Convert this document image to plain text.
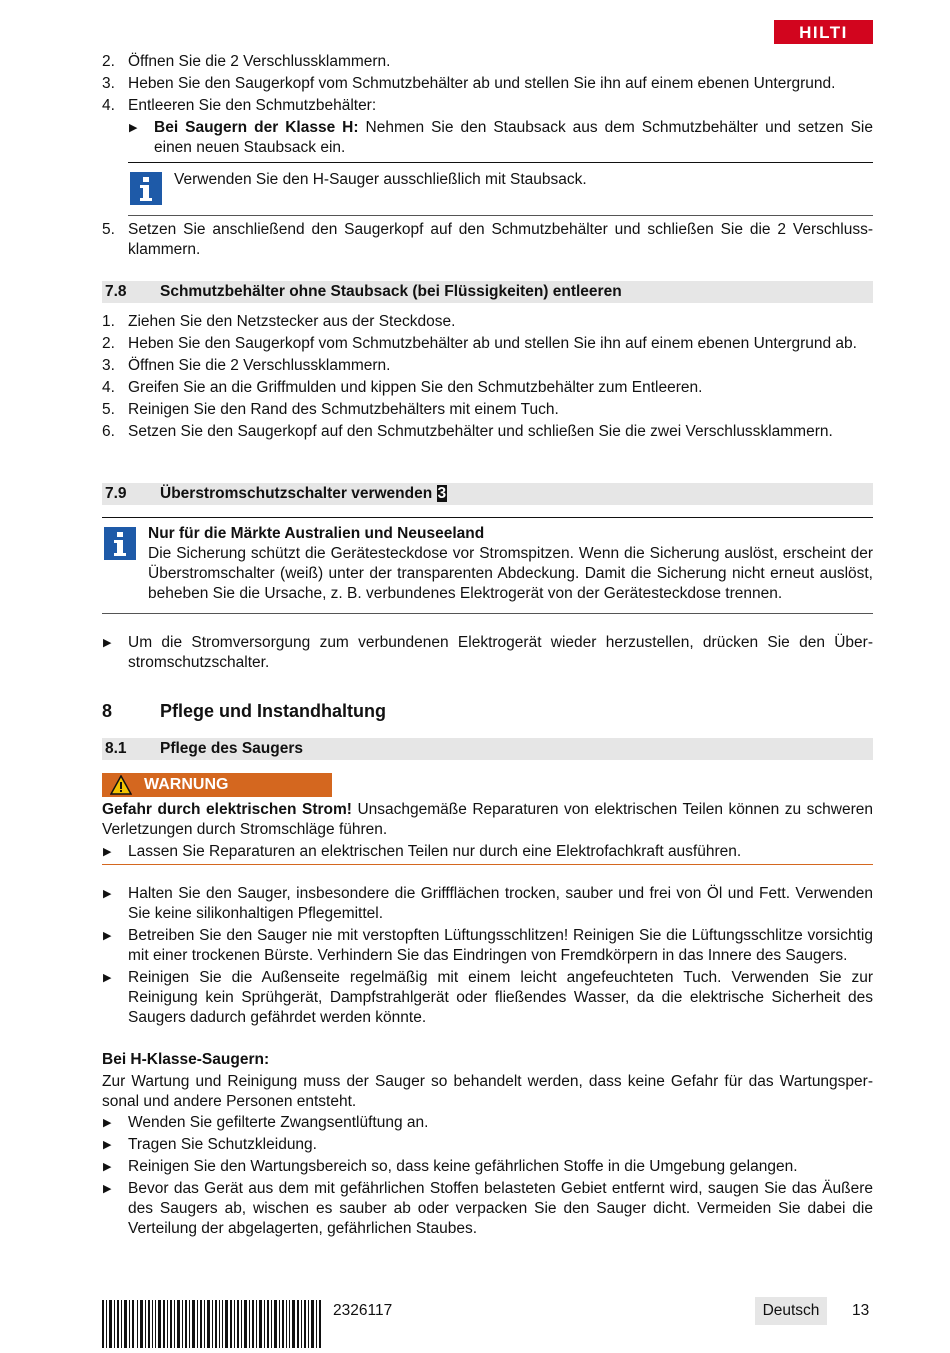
HILTI
2. Öffnen Sie die 2 Verschlussklammern.
3. Heben Sie den Saugerkopf vom Schmutzbehälter ab und stellen Sie ihn auf einem ebenen Untergrund.
4. Entleeren Sie den Schmutzbehälter:
▶ Bei Saugern der Klasse H: Nehmen Sie den Staubsack aus dem Schmutzbehälter und setzen Sie einen neuen Staubsack ein.
Verwenden Sie den H-Sauger ausschließlich mit Staubsack.
5. Setzen Sie anschließend den Saugerkopf auf den Schmutzbehälter und schließen Sie die 2 Verschlussklammern.
7.8 Schmutzbehälter ohne Staubsack (bei Flüssigkeiten) entleeren
1. Ziehen Sie den Netzstecker aus der Steckdose.
2. Heben Sie den Saugerkopf vom Schmutzbehälter ab und stellen Sie ihn auf einem ebenen Untergrund ab.
3. Öffnen Sie die 2 Verschlussklammern.
4. Greifen Sie an die Griffmulden und kippen Sie den Schmutzbehälter zum Entleeren.
5. Reinigen Sie den Rand des Schmutzbehälters mit einem Tuch.
6. Setzen Sie den Saugerkopf auf den Schmutzbehälter und schließen Sie die zwei Verschlussklammern.
7.9 Überstromschutzschalter verwenden 3
Nur für die Märkte Australien und Neuseeland
Die Sicherung schützt die Gerätesteckdose vor Stromspitzen. Wenn die Sicherung auslöst, erscheint der Überstromschalter (weiß) unter der transparenten Abdeckung. Damit die Sicherung nicht erneut auslöst, beheben Sie die Ursache, z. B. verbundenes Elektrogerät von der Gerätesteckdose trennen.
▶ Um die Stromversorgung zum verbundenen Elektrogerät wieder herzustellen, drücken Sie den Überstromschutzschalter.
8	Pflege und Instandhaltung
8.1 Pflege des Saugers
WARNUNG
Gefahr durch elektrischen Strom! Unsachgemäße Reparaturen von elektrischen Teilen können zu schweren Verletzungen durch Stromschläge führen.
▶ Lassen Sie Reparaturen an elektrischen Teilen nur durch eine Elektrofachkraft ausführen.
▶ Halten Sie den Sauger, insbesondere die Griffflächen trocken, sauber und frei von Öl und Fett. Verwenden Sie keine silikonhaltigen Pflegemittel.
▶ Betreiben Sie den Sauger nie mit verstopften Lüftungsschlitzen! Reinigen Sie die Lüftungsschlitze vorsichtig mit einer trockenen Bürste. Verhindern Sie das Eindringen von Fremdkörpern in das Innere des Saugers.
▶ Reinigen Sie die Außenseite regelmäßig mit einem leicht angefeuchteten Tuch. Verwenden Sie zur Reinigung kein Sprühgerät, Dampfstrahlgerät oder fließendes Wasser, da die elektrische Sicherheit des Saugers dadurch gefährdet werden könnte.
Bei H-Klasse-Saugern:
Zur Wartung und Reinigung muss der Sauger so behandelt werden, dass keine Gefahr für das Wartungspersonal und andere Personen entsteht.
▶ Wenden Sie gefilterte Zwangsentlüftung an.
▶ Tragen Sie Schutzkleidung.
▶ Reinigen Sie den Wartungsbereich so, dass keine gefährlichen Stoffe in die Umgebung gelangen.
▶ Bevor das Gerät aus dem mit gefährlichen Stoffen belasteten Gebiet entfernt wird, saugen Sie das Äußere des Saugers ab, wischen es sauber ab oder verpacken Sie den Sauger dicht. Vermeiden Sie dabei die Verteilung der abgelagerten, gefährlichen Staubes.
2326117	Deutsch	13
